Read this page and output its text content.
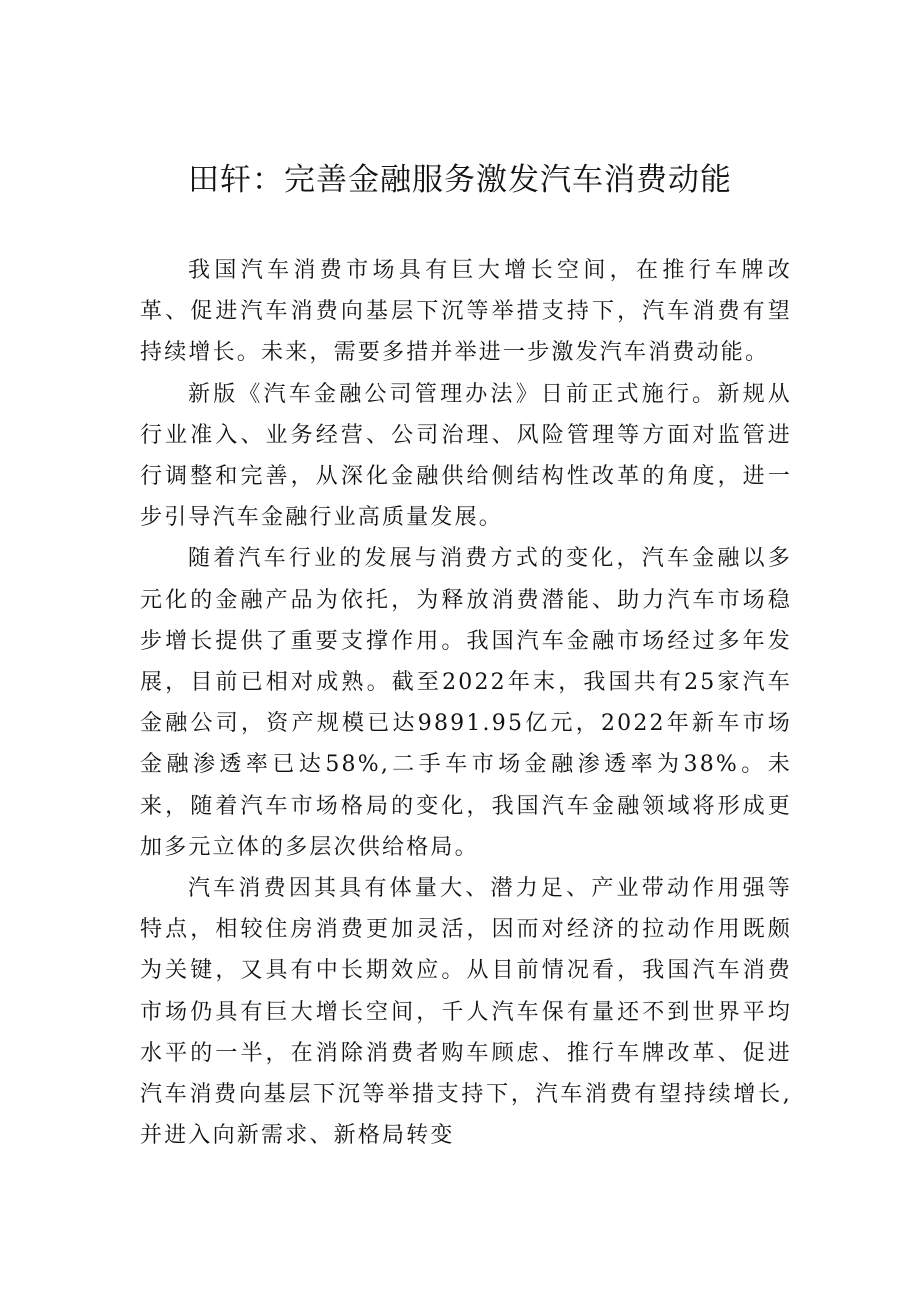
田轩：完善金融服务激发汽车消费动能

我国汽车消费市场具有巨大增长空间，在推行车牌改革、促进汽车消费向基层下沉等举措支持下，汽车消费有望持续增长。未来，需要多措并举进一步激发汽车消费动能。

新版《汽车金融公司管理办法》日前正式施行。新规从行业准入、业务经营、公司治理、风险管理等方面对监管进行调整和完善，从深化金融供给侧结构性改革的角度，进一步引导汽车金融行业高质量发展。

随着汽车行业的发展与消费方式的变化，汽车金融以多元化的金融产品为依托，为释放消费潜能、助力汽车市场稳步增长提供了重要支撑作用。我国汽车金融市场经过多年发展，目前已相对成熟。截至2022年末，我国共有25家汽车金融公司，资产规模已达9891.95亿元，2022年新车市场金融渗透率已达58%,二手车市场金融渗透率为38%。未来，随着汽车市场格局的变化，我国汽车金融领域将形成更加多元立体的多层次供给格局。

汽车消费因其具有体量大、潜力足、产业带动作用强等特点，相较住房消费更加灵活，因而对经济的拉动作用既颇为关键，又具有中长期效应。从目前情况看，我国汽车消费市场仍具有巨大增长空间，千人汽车保有量还不到世界平均水平的一半，在消除消费者购车顾虑、推行车牌改革、促进汽车消费向基层下沉等举措支持下，汽车消费有望持续增长,并进入向新需求、新格局转变
